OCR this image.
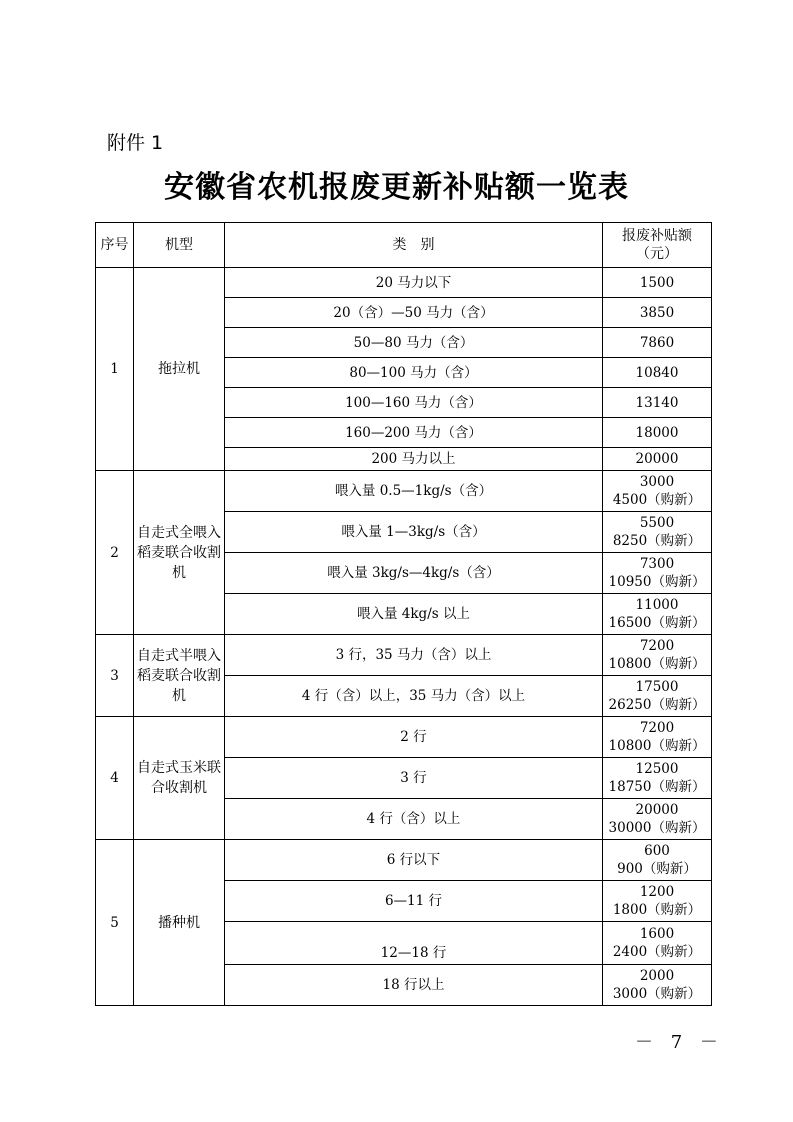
附件 1
安徽省农机报废更新补贴额一览表
序号	机型	类　别	报废补贴额
（元）

1	拖拉机	20 马力以下	1500
		20（含）—50 马力（含）	3850
		50—80 马力（含）	7860
		80—100 马力（含）	10840
		100—160 马力（含）	13140
		160—200 马力（含）	18000
		200 马力以上	20000
2	自走式全喂入稻麦联合收割机	喂入量 0.5—1kg/s（含）	3000
4500（购新）

		喂入量 1—3kg/s（含）	5500
8250（购新）

		喂入量 3kg/s—4kg/s（含）	7300
10950（购新）

		喂入量 4kg/s 以上	11000
16500（购新）

3	自走式半喂入稻麦联合收割机	3 行，35 马力（含）以上	7200
10800（购新）

		4 行（含）以上，35 马力（含）以上	17500
26250（购新）

4	自走式玉米联合收割机	2 行	7200
10800（购新）

		3 行	12500
18750（购新）

		4 行（含）以上	20000
30000（购新）

5	播种机	6 行以下	600
900（购新）

		6—11 行	1200
1800（购新）

		12—18 行	1600
2400（购新）

		18 行以上	2000
3000（购新）
－ 7 －
